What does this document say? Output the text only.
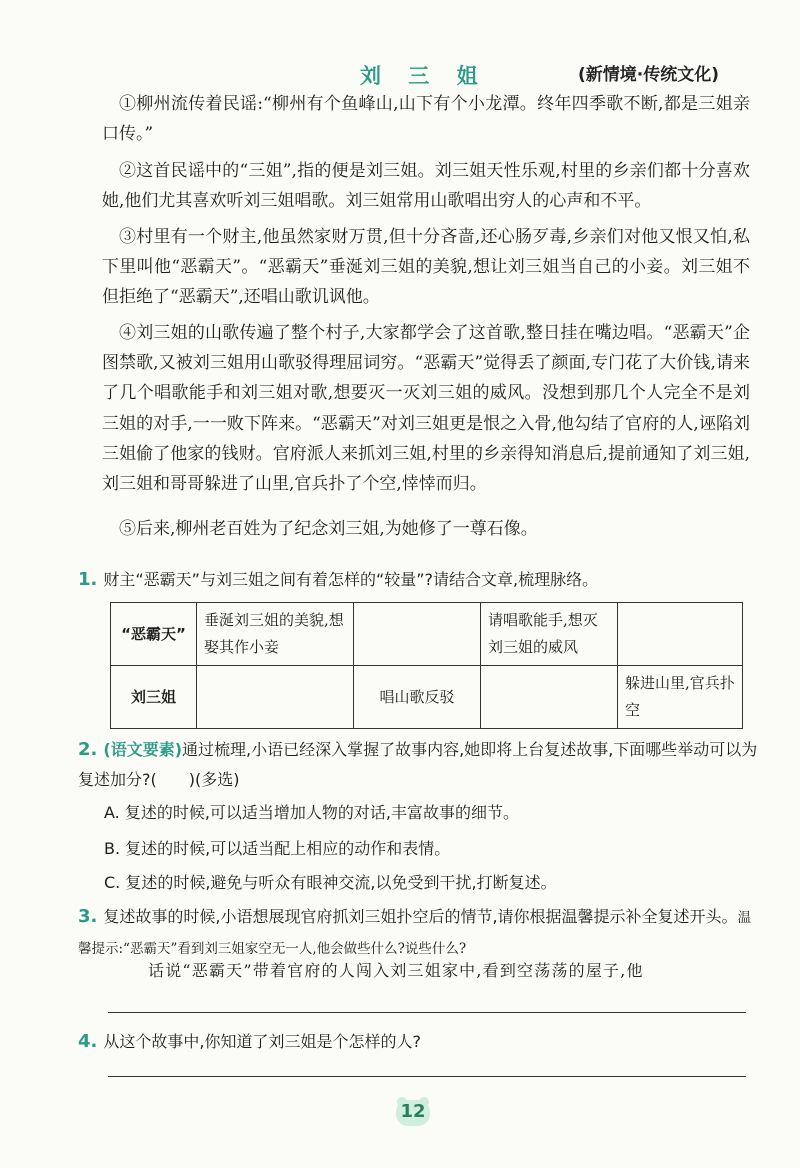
刘 三 姐	(新情境·传统文化)

①柳州流传着民谣:“柳州有个鱼峰山,山下有个小龙潭。终年四季歌不断,都是三姐亲口传。”

②这首民谣中的“三姐”,指的便是刘三姐。刘三姐天性乐观,村里的乡亲们都十分喜欢她,他们尤其喜欢听刘三姐唱歌。刘三姐常用山歌唱出穷人的心声和不平。

③村里有一个财主,他虽然家财万贯,但十分吝啬,还心肠歹毒,乡亲们对他又恨又怕,私下里叫他“恶霸天”。“恶霸天”垂涎刘三姐的美貌,想让刘三姐当自己的小妾。刘三姐不但拒绝了“恶霸天”,还唱山歌讥讽他。

④刘三姐的山歌传遍了整个村子,大家都学会了这首歌,整日挂在嘴边唱。“恶霸天”企图禁歌,又被刘三姐用山歌驳得理屈词穷。“恶霸天”觉得丢了颜面,专门花了大价钱,请来了几个唱歌能手和刘三姐对歌,想要灭一灭刘三姐的威风。没想到那几个人完全不是刘三姐的对手,一一败下阵来。“恶霸天”对刘三姐更是恨之入骨,他勾结了官府的人,诬陷刘三姐偷了他家的钱财。官府派人来抓刘三姐,村里的乡亲得知消息后,提前通知了刘三姐,刘三姐和哥哥躲进了山里,官兵扑了个空,悻悻而归。

⑤后来,柳州老百姓为了纪念刘三姐,为她修了一尊石像。

1. 财主“恶霸天”与刘三姐之间有着怎样的“较量”?请结合文章,梳理脉络。

“恶霸天”	垂涎刘三姐的美貌,想娶其作小妾		请唱歌能手,想灭刘三姐的威风	
刘三姐		唱山歌反驳		躲进山里,官兵扑空

2. (语文要素)通过梳理,小语已经深入掌握了故事内容,她即将上台复述故事,下面哪些举动可以为复述加分?(　　)(多选)

A. 复述的时候,可以适当增加人物的对话,丰富故事的细节。

B. 复述的时候,可以适当配上相应的动作和表情。

C. 复述的时候,避免与听众有眼神交流,以免受到干扰,打断复述。

3. 复述故事的时候,小语想展现官府抓刘三姐扑空后的情节,请你根据温馨提示补全复述开头。温馨提示:“恶霸天”看到刘三姐家空无一人,他会做些什么?说些什么?

话说“恶霸天”带着官府的人闯入刘三姐家中,看到空荡荡的屋子,他

4. 从这个故事中,你知道了刘三姐是个怎样的人?

12
